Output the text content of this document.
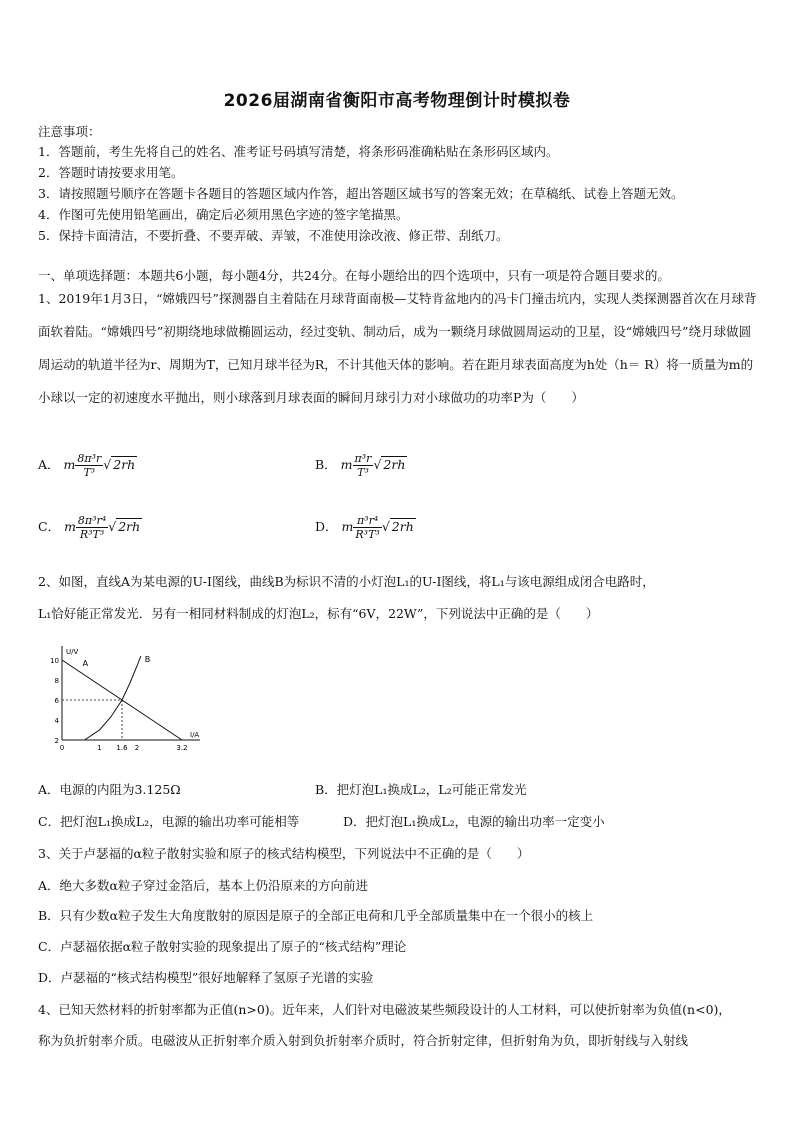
2026届湖南省衡阳市高考物理倒计时模拟卷
注意事项：
1．答题前，考生先将自己的姓名、准考证号码填写清楚，将条形码准确粘贴在条形码区域内。
2．答题时请按要求用笔。
3．请按照题号顺序在答题卡各题目的答题区域内作答，超出答题区域书写的答案无效；在草稿纸、试卷上答题无效。
4．作图可先使用铅笔画出，确定后必须用黑色字迹的签字笔描黑。
5．保持卡面清洁，不要折叠、不要弄破、弄皱，不准使用涂改液、修正带、刮纸刀。
一、单项选择题：本题共6小题，每小题4分，共24分。在每小题给出的四个选项中，只有一项是符合题目要求的。
1、2019年1月3日，“嫦娥四号”探测器自主着陆在月球背面南极—艾特肯盆地内的冯卡门撞击坑内，实现人类探测器首次在月球背面软着陆。“嫦娥四号”初期绕地球做椭圆运动，经过变轨、制动后，成为一颗绕月球做圆周运动的卫星，设“嫦娥四号”绕月球做圆周运动的轨道半径为r、周期为T，已知月球半径为R，不计其他天体的影响。若在距月球表面高度为h处（h＝ R）将一质量为m的小球以一定的初速度水平抛出，则小球落到月球表面的瞬间月球引力对小球做功的功率P为（　　）
A． m $\frac{\text{8π³r}}{\text{T³}}$ √ 2rh	B． m $\frac{\text{π³r}}{\text{T³}}$ √ 2rh
C． m $\frac{\text{8π³r⁴}}{\text{R³T³}}$ √ 2rh	D． m $\frac{\text{π³r⁴}}{\text{R³T³}}$ √ 2rh
2、如图，直线A为某电源的U-I图线，曲线B为标识不清的小灯泡L₁的U-I图线，将L₁与该电源组成闭合电路时，
L₁恰好能正常发光．另有一相同材料制成的灯泡L₂，标有“6V，22W”，下列说法中正确的是（　　）
U/V
I/A
2
4
6
8
10
0	1 1.6 2	3.2
A	B
A．电源的内阻为3.125Ω	B．把灯泡L₁换成L₂，L₂可能正常发光
C．把灯泡L₁换成L₂，电源的输出功率可能相等	D．把灯泡L₁换成L₂，电源的输出功率一定变小
3、关于卢瑟福的α粒子散射实验和原子的核式结构模型，下列说法中不正确的是（　　）
A．绝大多数α粒子穿过金箔后，基本上仍沿原来的方向前进
B．只有少数α粒子发生大角度散射的原因是原子的全部正电荷和几乎全部质量集中在一个很小的核上
C．卢瑟福依据α粒子散射实验的现象提出了原子的“核式结构”理论
D．卢瑟福的“核式结构模型”很好地解释了氢原子光谱的实验
4、已知天然材料的折射率都为正值(n>0)。近年来，人们针对电磁波某些频段设计的人工材料，可以使折射率为负值(n<0)，
称为负折射率介质。电磁波从正折射率介质入射到负折射率介质时，符合折射定律，但折射角为负，即折射线与入射线
